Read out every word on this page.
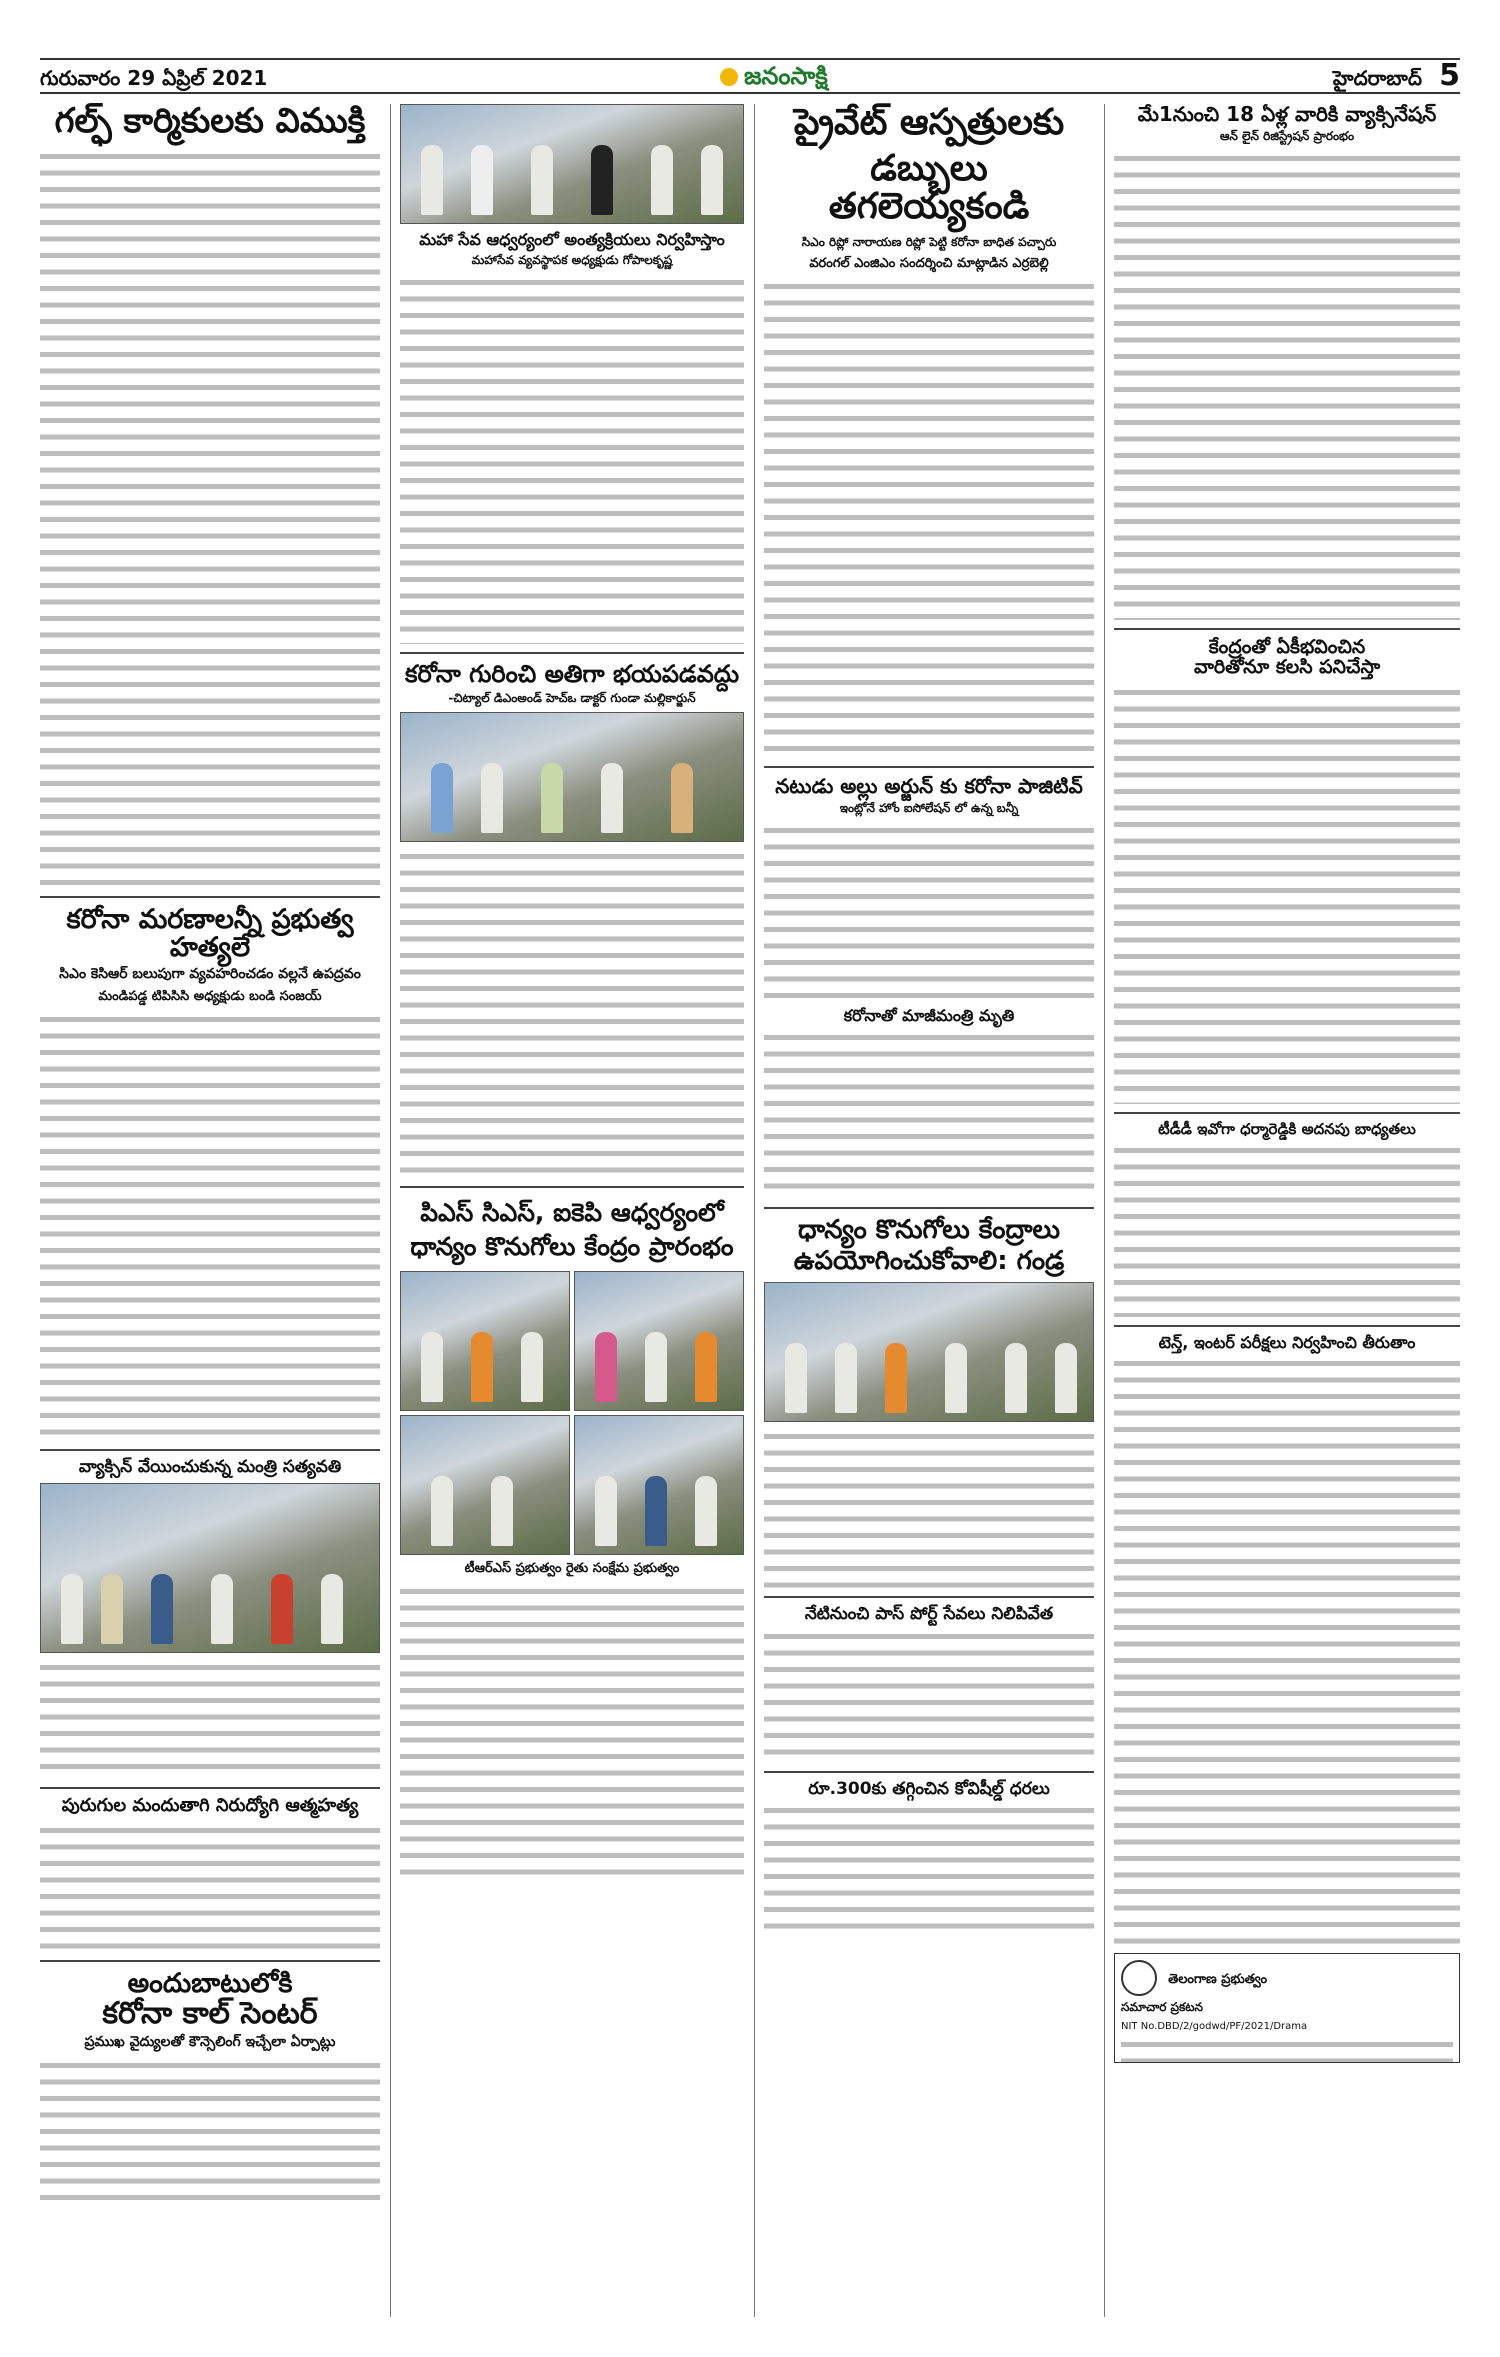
గురువారం 29 ఏప్రిల్ 2021	జనంసాక్షి	హైదరాబాద్ 5
గల్ఫ్ కార్మికులకు విముక్తి
కరోనా మరణాలన్నీ ప్రభుత్వ హత్యలే
సిఎం కెసిఆర్ బలుపుగా వ్యవహరించడం వల్లనే ఉపద్రవం
మండిపడ్డ టిపిసిసి అధ్యక్షుడు బండి సంజయ్
వ్యాక్సిన్ వేయించుకున్న మంత్రి సత్యవతి
పురుగుల మందుతాగి నిరుద్యోగి ఆత్మహత్య
అందుబాటులోకి
కరోనా కాల్ సెంటర్
ప్రముఖ వైద్యులతో కౌన్సెలింగ్ ఇచ్చేలా ఏర్పాట్లు
మహా సేవ ఆధ్వర్యంలో అంత్యక్రియలు నిర్వహిస్తాం
మహాసేవ వ్యవస్థాపక అధ్యక్షుడు గోపాలకృష్ణ
కరోనా గురించి అతిగా భయపడవద్దు
-చిట్యాల్ డిఎంఅండ్ హెచ్ఒ డాక్టర్ గుండా మల్లికార్జున్
పిఎస్ సిఎస్, ఐకెపి ఆధ్వర్యంలో ధాన్యం కొనుగోలు కేంద్రం ప్రారంభం
టీఆర్ఎస్ ప్రభుత్వం రైతు సంక్షేమ ప్రభుత్వం
ప్రైవేట్ ఆస్పత్రులకు
డబ్బులు తగలెయ్యకండి
సిఎం రిప్లో నారాయణ రిప్లో పెట్టి కరోనా బాధిత పచ్చారు
వరంగల్ ఎంజిఎం సందర్శించి మాట్లాడిన ఎర్రబెల్లి
నటుడు అల్లు అర్జున్ కు కరోనా పాజిటివ్
ఇంట్లోనే హోం ఐసోలేషన్ లో ఉన్న బన్నీ
కరోనాతో మాజీమంత్రి మృతి
ధాన్యం కొనుగోలు కేంద్రాలు
ఉపయోగించుకోవాలి: గండ్ర
నేటినుంచి పాస్ పోర్ట్ సేవలు నిలిపివేత
రూ.300కు తగ్గించిన కోవిషీల్డ్ ధరలు
మే1నుంచి 18 ఏళ్ల వారికి వ్యాక్సినేషన్
ఆన్ లైన్ రిజిస్ట్రేషన్ ప్రారంభం
కేంద్రంతో ఏకీభవించిన
వారితోనూ కలసి పనిచేస్తా
టీడీడీ ఇవోగా ధర్మారెడ్డికి అదనపు బాధ్యతలు
టెన్త్, ఇంటర్ పరీక్షలు నిర్వహించి తీరుతాం
తెలంగాణ ప్రభుత్వం
సమాచార ప్రకటన
NIT No.DBD/2/godwd/PF/2021/Drama
